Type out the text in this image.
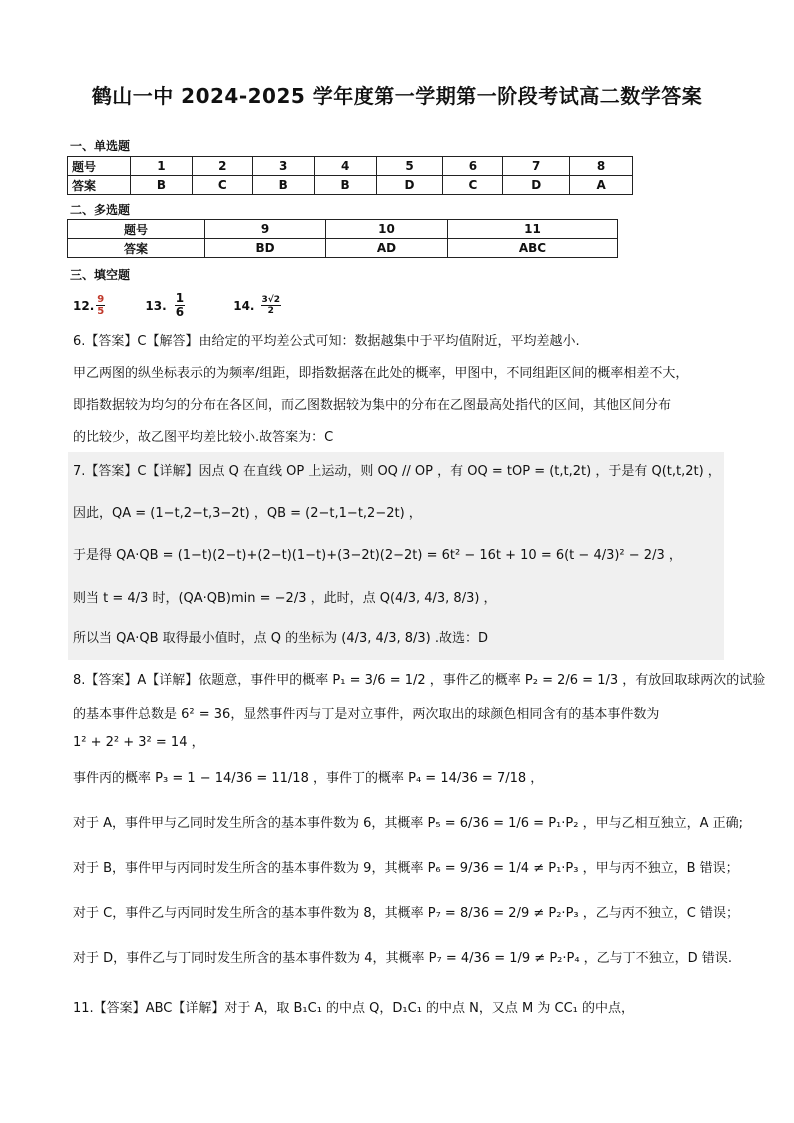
鹤山一中 2024-2025 学年度第一学期第一阶段考试高二数学答案
一、单选题
题号	1	2	3	4	5	6	7	8
答案	B	C	B	B	D	C	D	A
二、多选题
题号	9	10	11
答案	BD	AD	ABC
三、填空题
12. $\frac{9}{5}$	13. $\frac{1}{6}$	14. $\frac{3√2}{2}$
6.【答案】C【解答】由给定的平均差公式可知：数据越集中于平均值附近，平均差越小.
甲乙两图的纵坐标表示的为频率/组距，即指数据落在此处的概率，甲图中，不同组距区间的概率相差不大，
即指数据较为均匀的分布在各区间，而乙图数据较为集中的分布在乙图最高处指代的区间，其他区间分布
的比较少，故乙图平均差比较小.故答案为：C
7.【答案】C【详解】因点 Q 在直线 OP 上运动，则 OQ // OP ，有 OQ = tOP = (t,t,2t) ，于是有 Q(t,t,2t) ，
因此，QA = (1−t,2−t,3−2t) ，QB = (2−t,1−t,2−2t) ，
于是得 QA·QB = (1−t)(2−t)+(2−t)(1−t)+(3−2t)(2−2t) = 6t² − 16t + 10 = 6(t − 4/3)² − 2/3 ，
则当 t = 4/3 时，(QA·QB)min = −2/3 ，此时，点 Q(4/3, 4/3, 8/3) ，
所以当 QA·QB 取得最小值时，点 Q 的坐标为 (4/3, 4/3, 8/3) .故选：D
8.【答案】A【详解】依题意，事件甲的概率 P₁ = 3/6 = 1/2 ，事件乙的概率 P₂ = 2/6 = 1/3 ，有放回取球两次的试验
的基本事件总数是 6² = 36，显然事件丙与丁是对立事件，两次取出的球颜色相同含有的基本事件数为
1² + 2² + 3² = 14 ，
事件丙的概率 P₃ = 1 − 14/36 = 11/18 ，事件丁的概率 P₄ = 14/36 = 7/18 ，
对于 A，事件甲与乙同时发生所含的基本事件数为 6，其概率 P₅ = 6/36 = 1/6 = P₁·P₂ ，甲与乙相互独立，A 正确;
对于 B，事件甲与丙同时发生所含的基本事件数为 9，其概率 P₆ = 9/36 = 1/4 ≠ P₁·P₃ ，甲与丙不独立，B 错误；
对于 C，事件乙与丙同时发生所含的基本事件数为 8，其概率 P₇ = 8/36 = 2/9 ≠ P₂·P₃ ，乙与丙不独立，C 错误；
对于 D，事件乙与丁同时发生所含的基本事件数为 4，其概率 P₇ = 4/36 = 1/9 ≠ P₂·P₄ ，乙与丁不独立，D 错误.
11.【答案】ABC【详解】对于 A，取 B₁C₁ 的中点 Q，D₁C₁ 的中点 N，又点 M 为 CC₁ 的中点，
